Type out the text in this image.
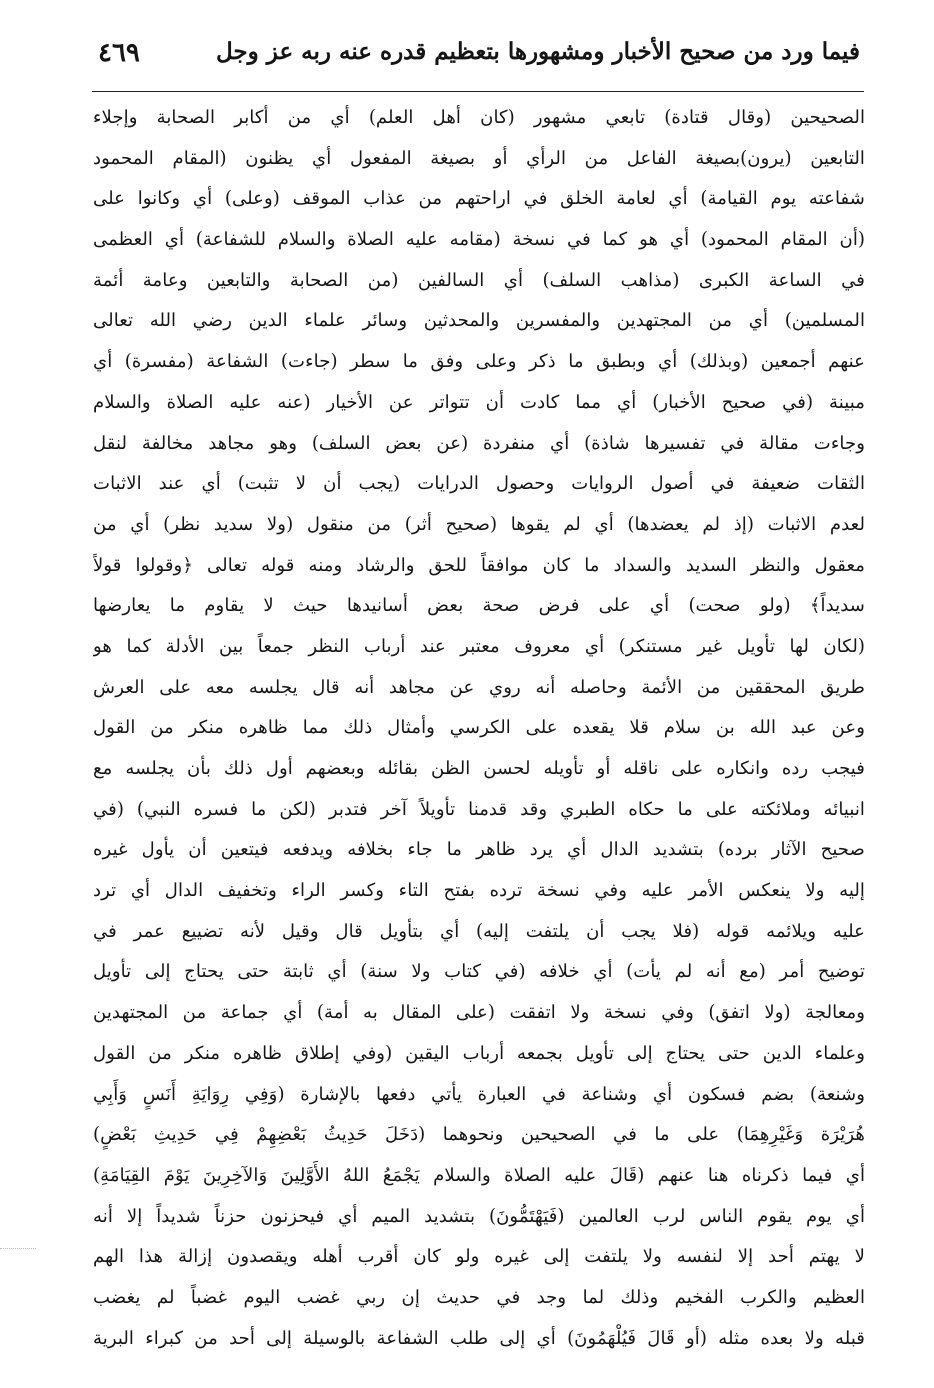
٤٦٩	فيما ورد من صحيح الأخبار ومشهورها بتعظيم قدره عنه ربه عز وجل
الصحيحين (وقال قتادة) تابعي مشهور (كان أهل العلم) أي من أكابر الصحابة وإجلاء
التابعين (يرون)بصيغة الفاعل من الرأي أو بصيغة المفعول أي يظنون (المقام المحمود
شفاعته يوم القيامة) أي لعامة الخلق في اراحتهم من عذاب الموقف (وعلى) أي وكانوا على
(أن المقام المحمود) أي هو كما في نسخة (مقامه عليه الصلاة والسلام للشفاعة) أي العظمى
في الساعة الكبرى (مذاهب السلف) أي السالفين (من الصحابة والتابعين وعامة أئمة
المسلمين) أي من المجتهدين والمفسرين والمحدثين وسائر علماء الدين رضي الله تعالى
عنهم أجمعين (وبذلك) أي وبطبق ما ذكر وعلى وفق ما سطر (جاءت) الشفاعة (مفسرة) أي
مبينة (في صحيح الأخبار) أي مما كادت أن تتواتر عن الأخيار (عنه عليه الصلاة والسلام
وجاءت مقالة في تفسيرها شاذة) أي منفردة (عن بعض السلف) وهو مجاهد مخالفة لنقل
الثقات ضعيفة في أصول الروايات وحصول الدرايات (يجب أن لا تثبت) أي عند الاثبات
لعدم الاثبات (إذ لم يعضدها) أي لم يقوها (صحيح أثر) من منقول (ولا سديد نظر) أي من
معقول والنظر السديد والسداد ما كان موافقاً للحق والرشاد ومنه قوله تعالى ﴿وقولوا قولاً
سديداً﴾ (ولو صحت) أي على فرض صحة بعض أسانيدها حيث لا يقاوم ما يعارضها
(لكان لها تأويل غير مستنكر) أي معروف معتبر عند أرباب النظر جمعاً بين الأدلة كما هو
طريق المحققين من الأئمة وحاصله أنه روي عن مجاهد أنه قال يجلسه معه على العرش
وعن عبد الله بن سلام قلا يقعده على الكرسي وأمثال ذلك مما ظاهره منكر من القول
فيجب رده وانكاره على ناقله أو تأويله لحسن الظن بقائله وبعضهم أول ذلك بأن يجلسه مع
انبيائه وملائكته على ما حكاه الطبري وقد قدمنا تأويلاً آخر فتدبر (لكن ما فسره النبي) (في
صحيح الآثار برده) بتشديد الدال أي يرد ظاهر ما جاء بخلافه ويدفعه فيتعين أن يأول غيره
إليه ولا ينعكس الأمر عليه وفي نسخة ترده بفتح التاء وكسر الراء وتخفيف الدال أي ترد
عليه ويلائمه قوله (فلا يجب أن يلتفت إليه) أي بتأويل قال وقيل لأنه تضييع عمر في
توضيح أمر (مع أنه لم يأت) أي خلافه (في كتاب ولا سنة) أي ثابتة حتى يحتاج إلى تأويل
ومعالجة (ولا اتفق) وفي نسخة ولا اتفقت (على المقال به أمة) أي جماعة من المجتهدين
وعلماء الدين حتى يحتاج إلى تأويل بجمعه أرباب اليقين (وفي إطلاق ظاهره منكر من القول
وشنعة) بضم فسكون أي وشناعة في العبارة يأتي دفعها بالإشارة (وَفِي رِوَايَةِ أَنَسٍ وَأَبِي
هُرَيْرَة وَغَيْرِهِمَا) على ما في الصحيحين ونحوهما (دَخَلَ حَدِيثُ بَعْضِهِمْ فِي حَدِيثِ بَعْضٍ)
أي فيما ذكرناه هنا عنهم (قَالَ عليه الصلاة والسلام يَجْمَعُ اللهُ الأَوَّلِينَ وَالآخِرِينَ يَوْمَ القِيَامَةِ)
أي يوم يقوم الناس لرب العالمين (فَيَهْتَمُّونَ) بتشديد الميم أي فيحزنون حزناً شديداً إلا أنه
لا يهتم أحد إلا لنفسه ولا يلتفت إلى غيره ولو كان أقرب أهله ويقصدون إزالة هذا الهم
العظيم والكرب الفخيم وذلك لما وجد في حديث إن ربي غضب اليوم غضباً لم يغضب
قبله ولا بعده مثله (أو قَالَ فَيُلْهَمُونَ) أي إلى طلب الشفاعة بالوسيلة إلى أحد من كبراء البرية
